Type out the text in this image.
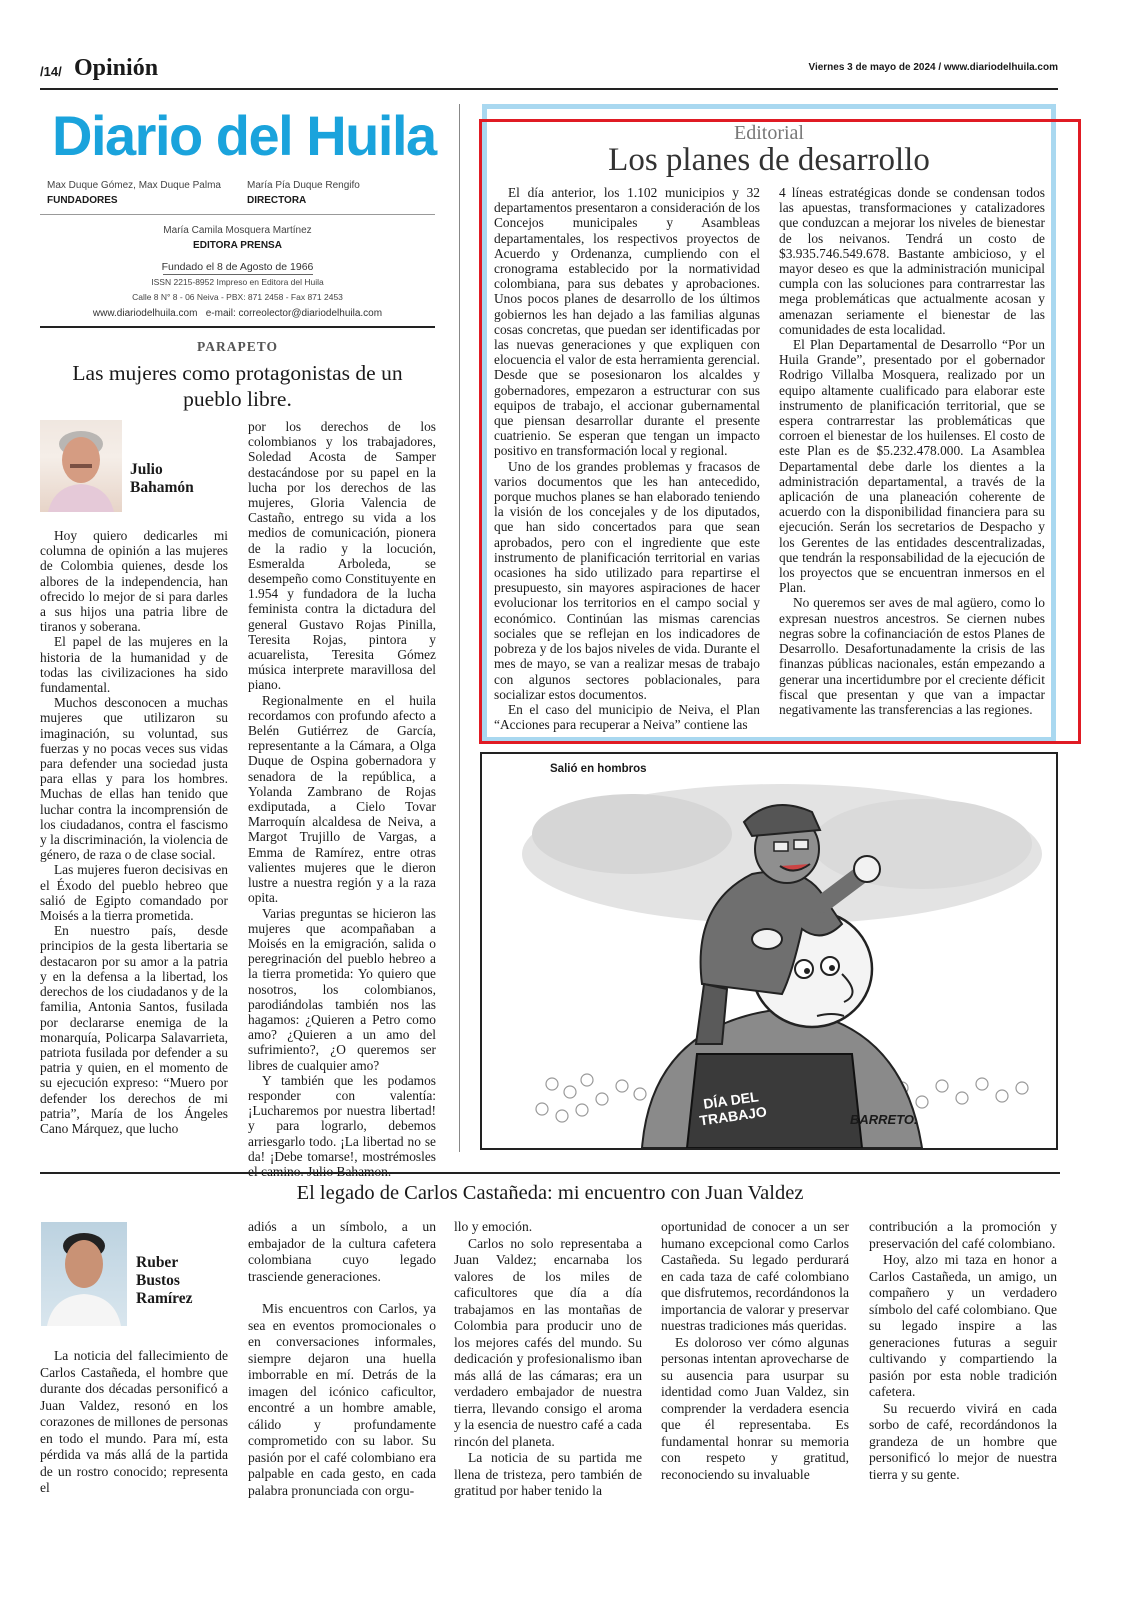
/14/ Opinión	Viernes 3 de mayo de 2024 / www.diariodelhuila.com
Diario del Huila
Max Duque Gómez, Max Duque Palma
FUNDADORES
María Pía Duque Rengifo
DIRECTORA
María Camila Mosquera Martínez
EDITORA PRENSA
Fundado el 8 de Agosto de 1966
ISSN 2215-8952 Impreso en Editora del Huila
Calle 8 N° 8 - 06 Neiva - PBX: 871 2458 - Fax 871 2453
www.diariodelhuila.com   e-mail: correolector@diariodelhuila.com
PARAPETO
Las mujeres como protagonistas de un pueblo libre.
Julio Bahamón

Hoy quiero dedicarles mi columna de opinión a las mujeres de Colombia quienes, desde los albores de la independencia, han ofrecido lo mejor de si para darles a sus hijos una patria libre de tiranos y soberana.

El papel de las mujeres en la historia de la humanidad y de todas las civilizaciones ha sido fundamental.

Muchos desconocen a muchas mujeres que utilizaron su imaginación, su voluntad, sus fuerzas y no pocas veces sus vidas para defender una sociedad justa para ellas y para los hombres. Muchas de ellas han tenido que luchar contra la incomprensión de los ciudadanos, contra el fascismo y la discriminación, la violencia de género, de raza o de clase social.

Las mujeres fueron decisivas en el Éxodo del pueblo hebreo que salió de Egipto comandado por Moisés a la tierra prometida.

En nuestro país, desde principios de la gesta libertaria se destacaron por su amor a la patria y en la defensa a la libertad, los derechos de los ciudadanos y de la familia, Antonia Santos, fusilada por declararse enemiga de la monarquía, Policarpa Salavarrieta, patriota fusilada por defender a su patria y quien, en el momento de su ejecución expreso: “Muero por defender los derechos de mi patria”, María de los Ángeles Cano Márquez, que lucho

por los derechos de los colombianos y los trabajadores, Soledad Acosta de Samper destacándose por su papel en la lucha por los derechos de las mujeres, Gloria Valencia de Castaño, entrego su vida a los medios de comunicación, pionera de la radio y la locución, Esmeralda Arboleda, se desempeño como Constituyente en 1.954 y fundadora de la lucha feminista contra la dictadura del general Gustavo Rojas Pinilla, Teresita Rojas, pintora y acuarelista, Teresita Gómez música interprete maravillosa del piano.

Regionalmente en el huila recordamos con profundo afecto a Belén Gutiérrez de García, representante a la Cámara, a Olga Duque de Ospina gobernadora y senadora de la república, a Yolanda Zambrano de Rojas exdiputada, a Cielo Tovar Marroquín alcaldesa de Neiva, a Margot Trujillo de Vargas, a Emma de Ramírez, entre otras valientes mujeres que le dieron lustre a nuestra región y a la raza opita.

Varias preguntas se hicieron las mujeres que acompañaban a Moisés en la emigración, salida o peregrinación del pueblo hebreo a la tierra prometida: Yo quiero que nosotros, los colombianos, parodiándolas también nos las hagamos: ¿Quieren a Petro como amo? ¿Quieren a un amo del sufrimiento?, ¿O queremos ser libres de cualquier amo?

Y también que les podamos responder con valentía: ¡Lucharemos por nuestra libertad! y para lograrlo, debemos arriesgarlo todo. ¡La libertad no se da! ¡Debe tomarse!, mostrémosles

Editorial
Los planes de desarrollo

El día anterior, los 1.102 municipios y 32 departamentos presentaron a consideración de los Concejos municipales y Asambleas departamentales, los respectivos proyectos de Acuerdo y Ordenanza, cumpliendo con el cronograma establecido por la normatividad colombiana, para sus debates y aprobaciones. Unos pocos planes de desarrollo de los últimos gobiernos les han dejado a las familias algunas cosas concretas, que puedan ser identificadas por las nuevas generaciones y que expliquen con elocuencia el valor de esta herramienta gerencial. Desde que se posesionaron los alcaldes y gobernadores, empezaron a estructurar con sus equipos de trabajo, el accionar gubernamental que piensan desarrollar durante el presente cuatrienio. Se esperan que tengan un impacto positivo en transformación local y regional.

Uno de los grandes problemas y fracasos de varios documentos que les han antecedido, porque muchos planes se han elaborado teniendo la visión de los concejales y de los diputados, que han sido concertados para que sean aprobados, pero con el ingrediente que este instrumento de planificación territorial en varias ocasiones ha sido utilizado para repartirse el presupuesto, sin mayores aspiraciones de hacer evolucionar los territorios en el campo social y económico. Continúan las mismas carencias sociales que se reflejan en los indicadores de pobreza y de los bajos niveles de vida. Durante el mes de mayo, se van a realizar mesas de trabajo con algunos sectores poblacionales, para socializar estos documentos.

En el caso del municipio de Neiva, el Plan “Acciones para recuperar a Neiva” contiene las

4 líneas estratégicas donde se condensan todos las apuestas, transformaciones y catalizadores que conduzcan a mejorar los niveles de bienestar de los neivanos. Tendrá un costo de $3.935.746.549.678. Bastante ambicioso, y el mayor deseo es que la administración municipal cumpla con las soluciones para contrarrestar las mega problemáticas que actualmente acosan y amenazan seriamente el bienestar de las comunidades de esta localidad.

El Plan Departamental de Desarrollo “Por un Huila Grande”, presentado por el gobernador Rodrigo Villalba Mosquera, realizado por un equipo altamente cualificado para elaborar este instrumento de planificación territorial, que se espera contrarrestar las problemáticas que corroen el bienestar de los huilenses. El costo de este Plan es de $5.232.478.000. La Asamblea Departamental debe darle los dientes a la administración departamental, a través de la aplicación de una planeación coherente de acuerdo con la disponibilidad financiera para su ejecución. Serán los secretarios de Despacho y los Gerentes de las entidades descentralizadas, que tendrán la responsabilidad de la ejecución de los proyectos que se encuentran inmersos en el Plan.

No queremos ser aves de mal agüero, como lo expresan nuestros ancestros. Se ciernen nubes negras sobre la cofinanciación de estos Planes de Desarrollo. Desafortunadamente la crisis de las finanzas públicas nacionales, están empezando a generar una incertidumbre por el creciente déficit fiscal que presentan y que van a impactar negativamente las transferencias a las regiones.

Salió en hombros
DÍA DEL TRABAJO	BARRETO.
El legado de Carlos Castañeda: mi encuentro con Juan Valdez
Ruber Bustos Ramírez

La noticia del fallecimiento de Carlos Castañeda, el hombre que durante dos décadas personificó a Juan Valdez, resonó en los corazones de millones de personas en todo el mundo. Para mí, esta pérdida va más allá de la partida de un rostro conocido; representa el

adiós a un símbolo, a un embajador de la cultura cafetera colombiana cuyo legado trasciende generaciones.

Mis encuentros con Carlos, ya sea en eventos promocionales o en conversaciones informales, siempre dejaron una huella imborrable en mí. Detrás de la imagen del icónico caficultor, encontré a un hombre amable, cálido y profundamente comprometido con su labor. Su pasión por el café colombiano era palpable en cada gesto, en cada palabra pronunciada con orgu-

llo y emoción.

Carlos no solo representaba a Juan Valdez; encarnaba los valores de los miles de caficultores que día a día trabajamos en las montañas de Colombia para producir uno de los mejores cafés del mundo. Su dedicación y profesionalismo iban más allá de las cámaras; era un verdadero embajador de nuestra tierra, llevando consigo el aroma y la esencia de nuestro café a cada rincón del planeta.

La noticia de su partida me llena de tristeza, pero también de gratitud por haber tenido la

oportunidad de conocer a un ser humano excepcional como Carlos Castañeda. Su legado perdurará en cada taza de café colombiano que disfrutemos, recordándonos la importancia de valorar y preservar nuestras tradiciones más queridas.

Es doloroso ver cómo algunas personas intentan aprovecharse de su ausencia para usurpar su identidad como Juan Valdez, sin comprender la verdadera esencia que él representaba. Es fundamental honrar su memoria con respeto y gratitud, reconociendo su invaluable

contribución a la promoción y preservación del café colombiano.

Hoy, alzo mi taza en honor a Carlos Castañeda, un amigo, un compañero y un verdadero símbolo del café colombiano. Que su legado inspire a las generaciones futuras a seguir cultivando y compartiendo la pasión por esta noble tradición cafetera.

Su recuerdo vivirá en cada sorbo de café, recordándonos la grandeza de un hombre que personificó lo mejor de nuestra tierra y su gente.
